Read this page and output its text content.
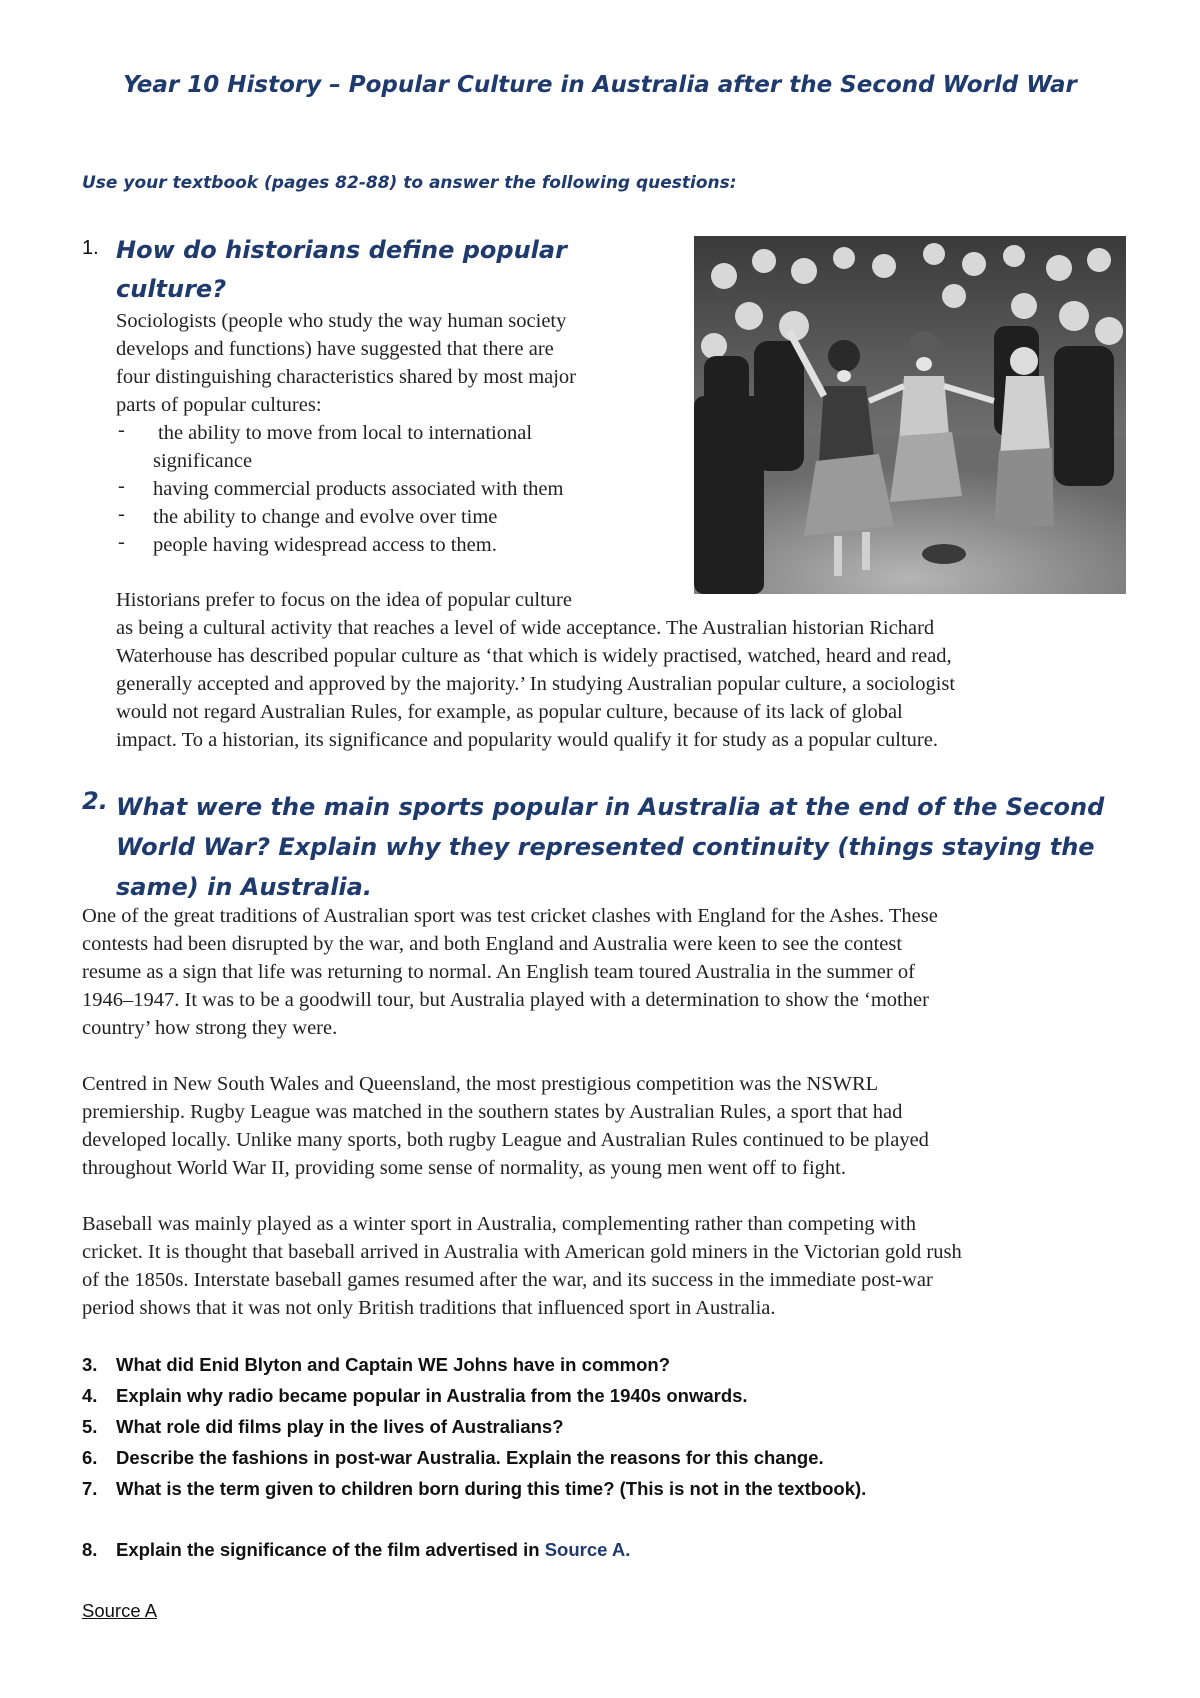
Year 10 History – Popular Culture in Australia after the Second World War
Use your textbook (pages 82-88) to answer the following questions:
1. How do historians define popular
culture?
Sociologists (people who study the way human society
develops and functions) have suggested that there are
four distinguishing characteristics shared by most major
parts of popular cultures:
- the ability to move from local to international
significance
- having commercial products associated with them
- the ability to change and evolve over time
- people having widespread access to them.

Historians prefer to focus on the idea of popular culture

as being a cultural activity that reaches a level of wide acceptance. The Australian historian Richard

Waterhouse has described popular culture as ‘that which is widely practised, watched, heard and read,

generally accepted and approved by the majority.’ In studying Australian popular culture, a sociologist

would not regard Australian Rules, for example, as popular culture, because of its lack of global

impact. To a historian, its significance and popularity would qualify it for study as a popular culture.

2. What were the main sports popular in Australia at the end of the Second
World War? Explain why they represented continuity (things staying the
same) in Australia.
One of the great traditions of Australian sport was test cricket clashes with England for the Ashes. These
contests had been disrupted by the war, and both England and Australia were keen to see the contest
resume as a sign that life was returning to normal. An English team toured Australia in the summer of
1946–1947. It was to be a goodwill tour, but Australia played with a determination to show the ‘mother
country’ how strong they were.
Centred in New South Wales and Queensland, the most prestigious competition was the NSWRL
premiership. Rugby League was matched in the southern states by Australian Rules, a sport that had
developed locally. Unlike many sports, both rugby League and Australian Rules continued to be played
throughout World War II, providing some sense of normality, as young men went off to fight.
Baseball was mainly played as a winter sport in Australia, complementing rather than competing with
cricket. It is thought that baseball arrived in Australia with American gold miners in the Victorian gold rush
of the 1850s. Interstate baseball games resumed after the war, and its success in the immediate post-war
period shows that it was not only British traditions that influenced sport in Australia.
3. What did Enid Blyton and Captain WE Johns have in common?
4. Explain why radio became popular in Australia from the 1940s onwards.
5. What role did films play in the lives of Australians?
6. Describe the fashions in post-war Australia. Explain the reasons for this change.
7. What is the term given to children born during this time? (This is not in the textbook).
8. Explain the significance of the film advertised in Source A.
Source A
